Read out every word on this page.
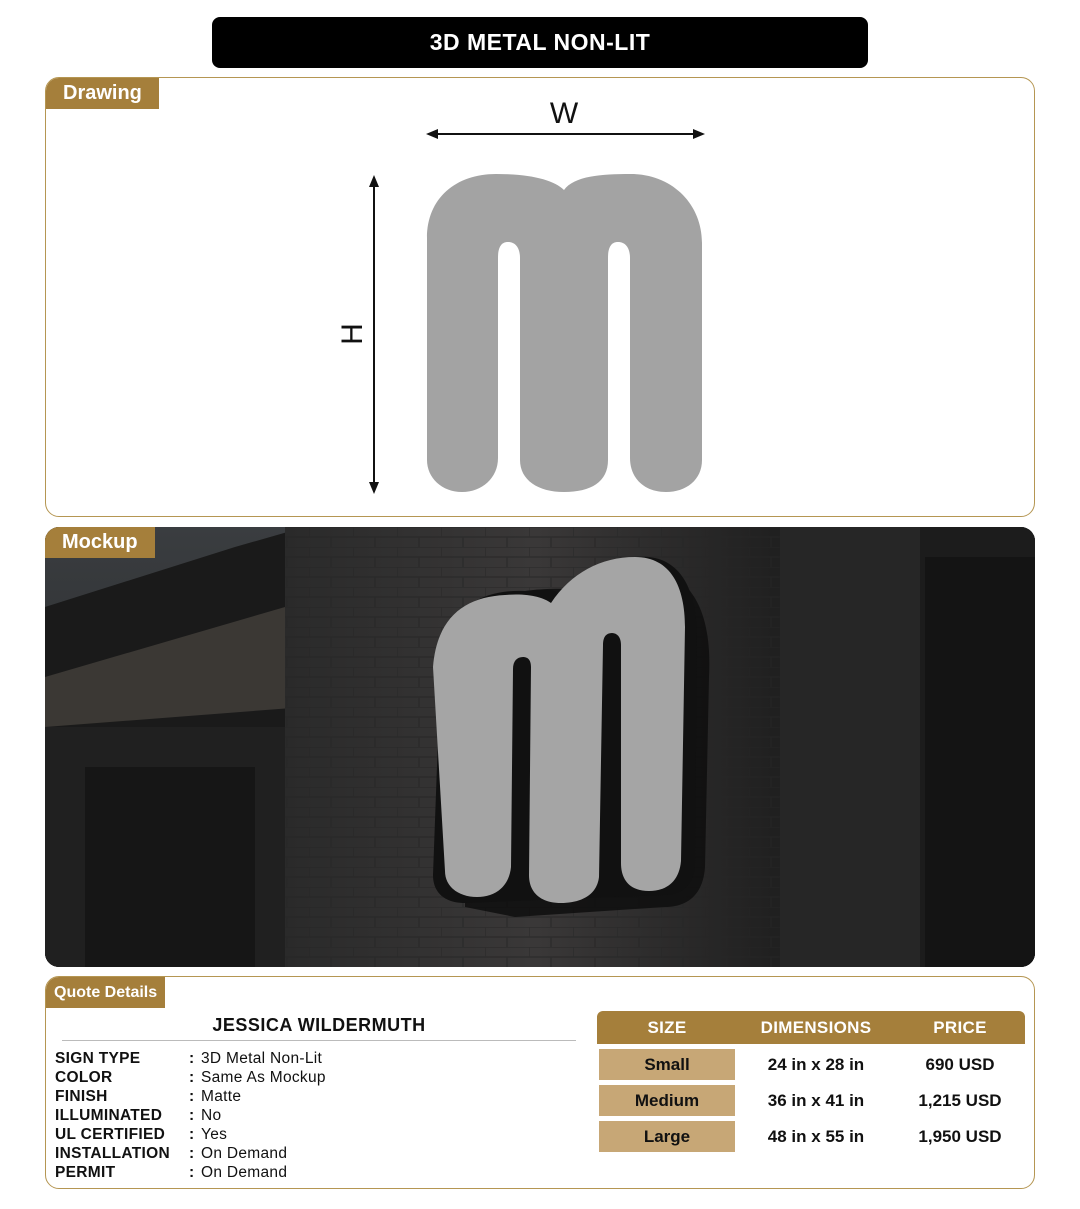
3D METAL NON-LIT
Drawing
W
H
Mockup
Quote Details
JESSICA WILDERMUTH
SIGN TYPE	: 3D Metal Non-Lit
COLOR	: Same As Mockup
FINISH	: Matte
ILLUMINATED	: No
UL CERTIFIED	: Yes
INSTALLATION	: On Demand
PERMIT	: On Demand
SIZE	DIMENSIONS	PRICE
Small	24 in x 28 in	690 USD
Medium	36 in x 41 in	1,215 USD
Large	48 in x 55 in	1,950 USD
